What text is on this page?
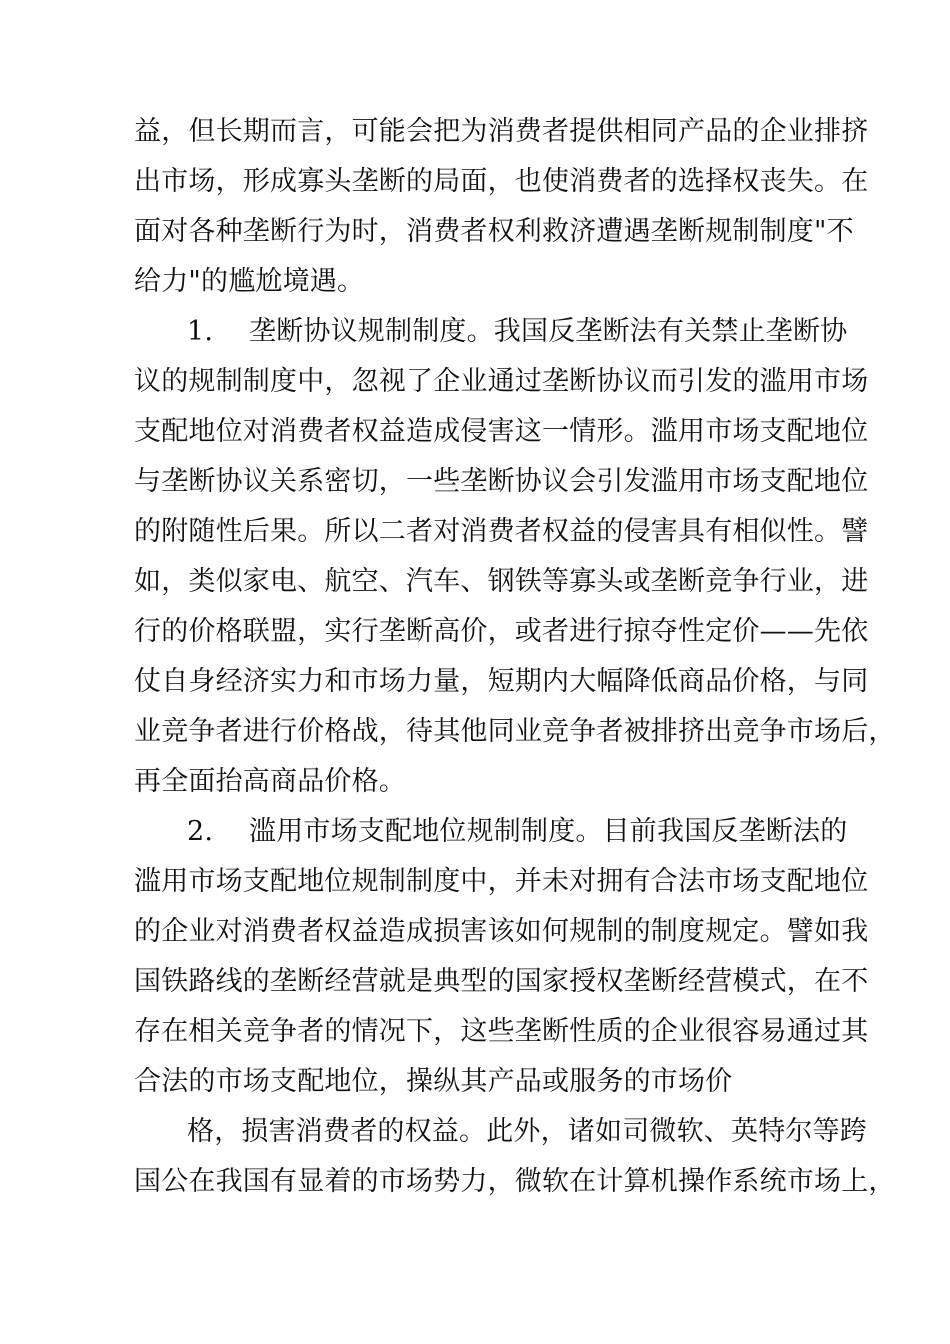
益，但长期而言，可能会把为消费者提供相同产品的企业排挤
出市场，形成寡头垄断的局面，也使消费者的选择权丧失。在
面对各种垄断行为时，消费者权利救济遭遇垄断规制制度"不
给力"的尴尬境遇。
1. 垄断协议规制制度。我国反垄断法有关禁止垄断协
议的规制制度中，忽视了企业通过垄断协议而引发的滥用市场
支配地位对消费者权益造成侵害这一情形。滥用市场支配地位
与垄断协议关系密切，一些垄断协议会引发滥用市场支配地位
的附随性后果。所以二者对消费者权益的侵害具有相似性。譬
如，类似家电、航空、汽车、钢铁等寡头或垄断竞争行业，进
行的价格联盟，实行垄断高价，或者进行掠夺性定价——先依
仗自身经济实力和市场力量，短期内大幅降低商品价格，与同
业竞争者进行价格战，待其他同业竞争者被排挤出竞争市场后，
再全面抬高商品价格。
2. 滥用市场支配地位规制制度。目前我国反垄断法的
滥用市场支配地位规制制度中，并未对拥有合法市场支配地位
的企业对消费者权益造成损害该如何规制的制度规定。譬如我
国铁路线的垄断经营就是典型的国家授权垄断经营模式，在不
存在相关竞争者的情况下，这些垄断性质的企业很容易通过其
合法的市场支配地位，操纵其产品或服务的市场价
格，损害消费者的权益。此外，诸如司微软、英特尔等跨
国公在我国有显着的市场势力，微软在计算机操作系统市场上，
